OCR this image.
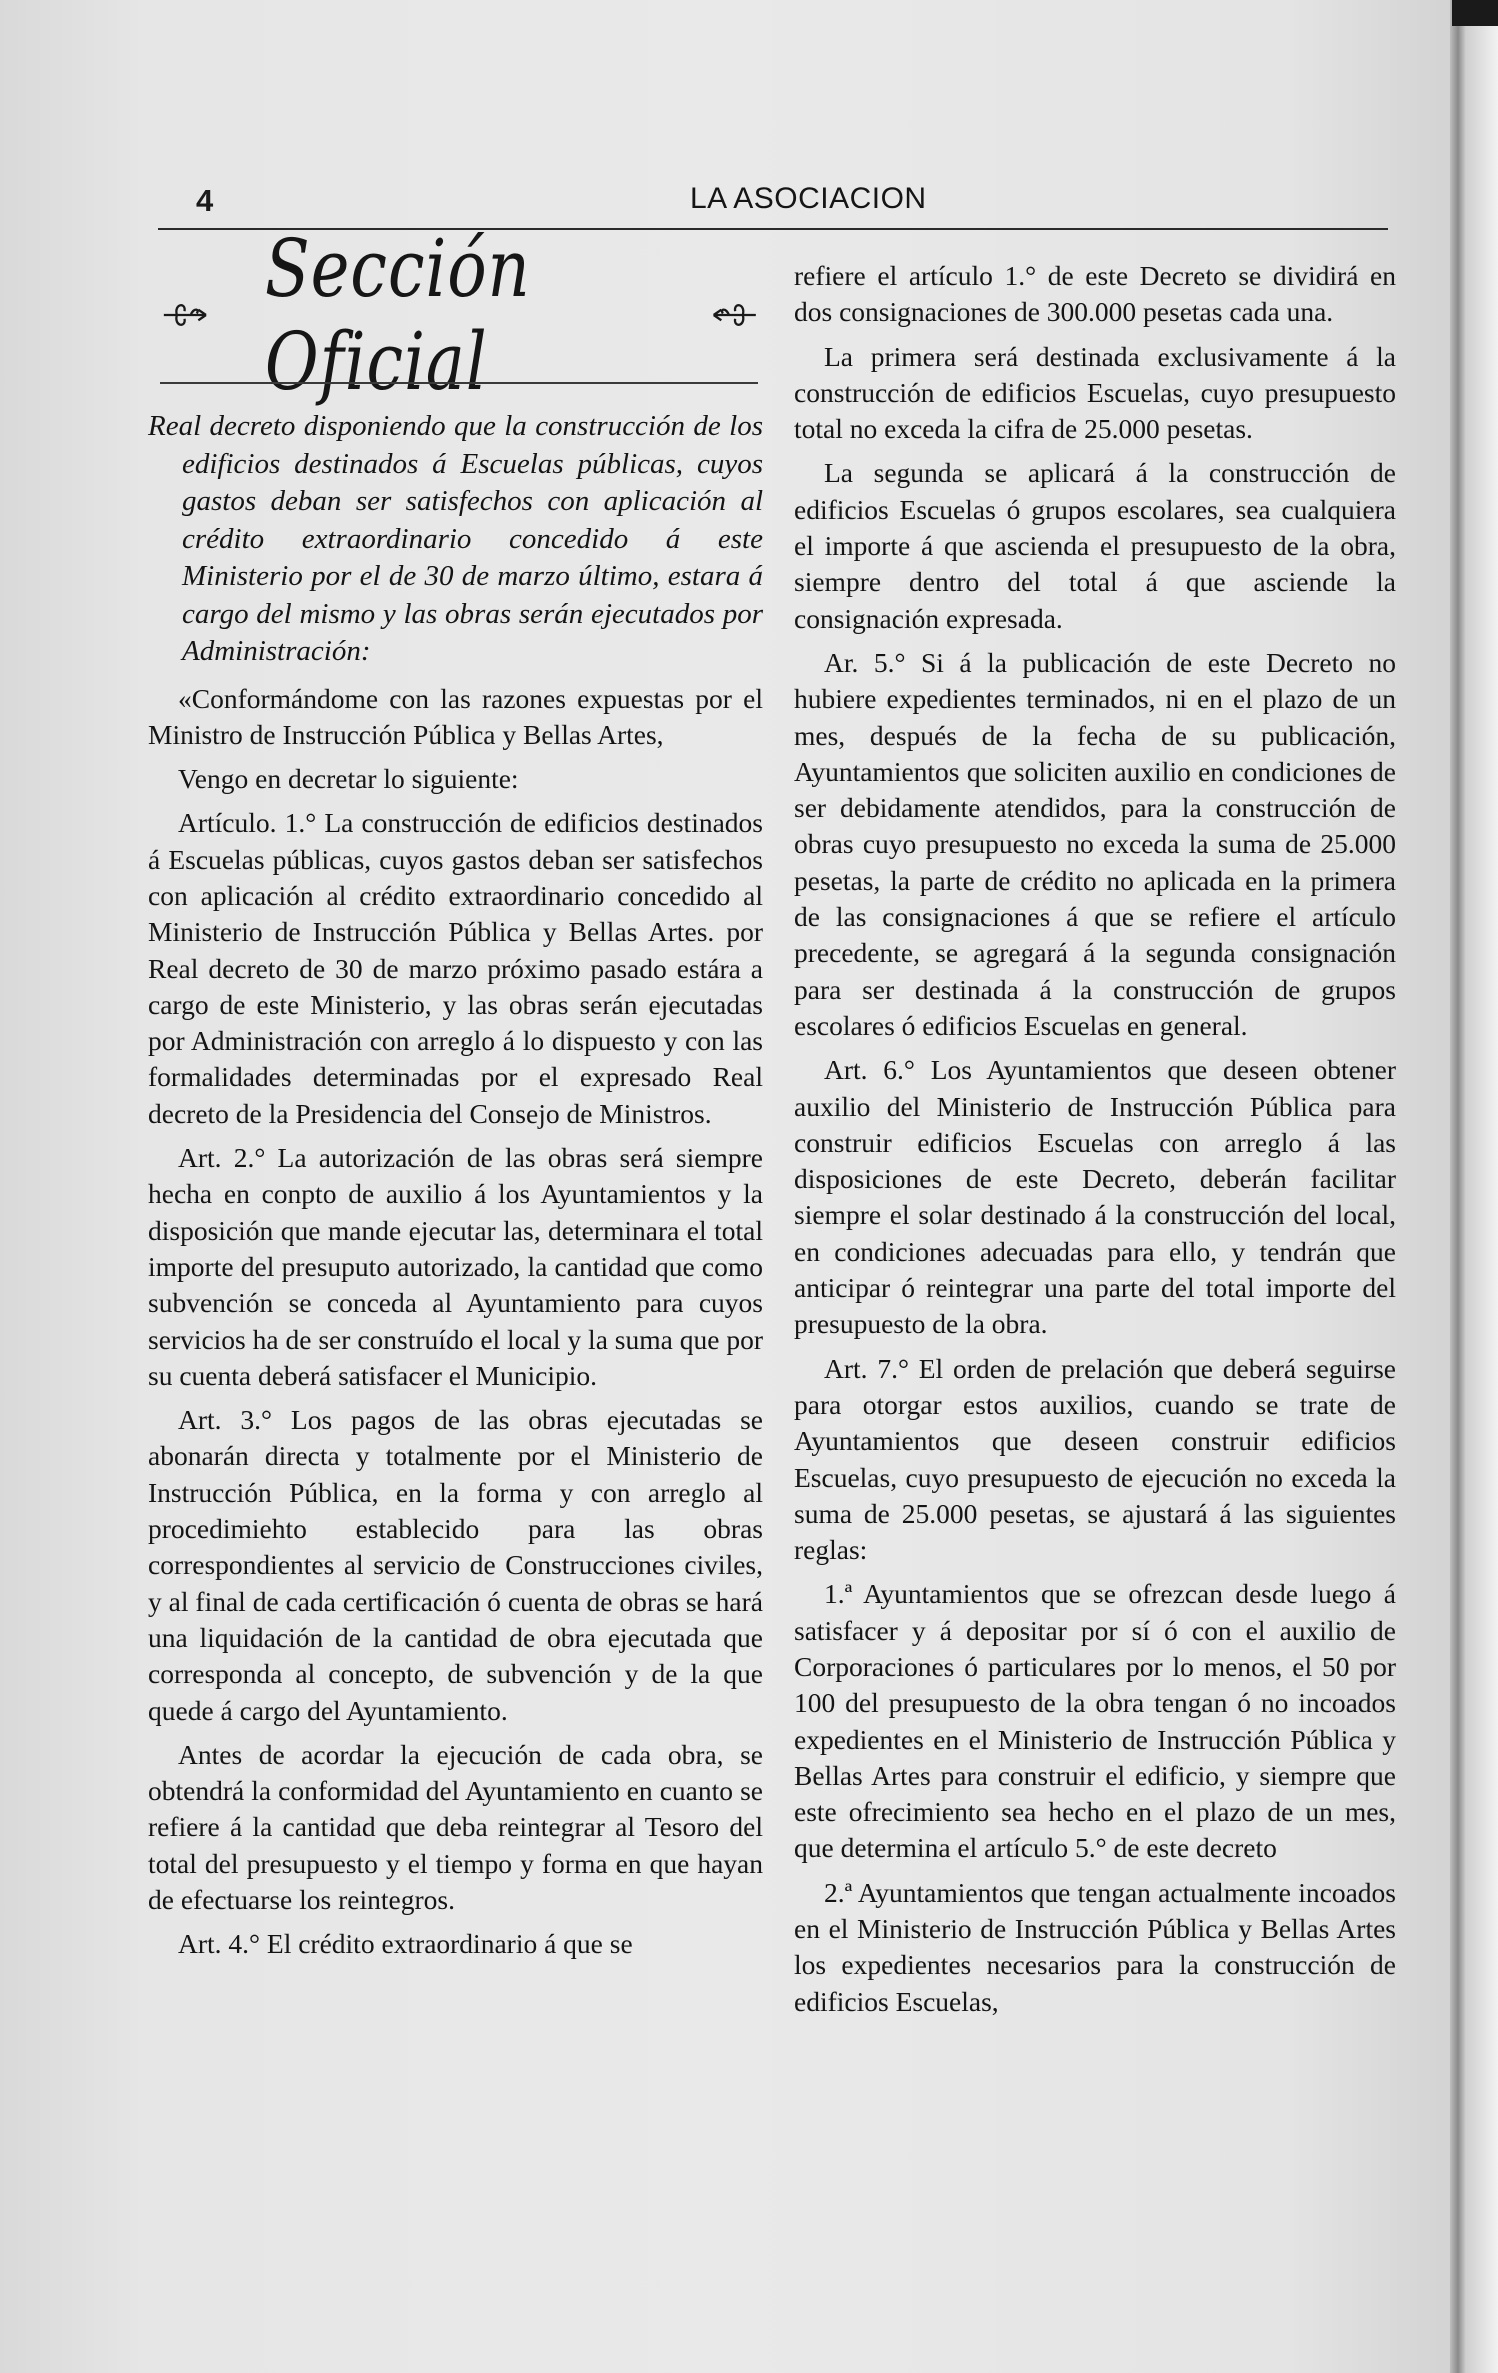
4	LA ASOCIACION
Sección Oficial

Real decreto disponiendo que la construcción de los edificios destinados á Escuelas públicas, cuyos gastos deban ser satisfechos con aplicación al crédito extraordinario concedido á este Ministerio por el de 30 de marzo último, estara á cargo del mismo y las obras serán ejecutados por Administración:

«Conformándome con las razones expuestas por el Ministro de Instrucción Pública y Bellas Artes,

Vengo en decretar lo siguiente:

Artículo. 1.° La construcción de edificios destinados á Escuelas públicas, cuyos gastos deban ser satisfechos con aplicación al crédito extraordinario concedido al Ministerio de Instrucción Pública y Bellas Artes. por Real decreto de 30 de marzo próximo pasado estára a cargo de este Ministerio, y las obras serán ejecutadas por Administración con arreglo á lo dispuesto y con las formalidades determinadas por el expresado Real decreto de la Presidencia del Consejo de Ministros.

Art. 2.° La autorización de las obras será siempre hecha en conpto de auxilio á los Ayuntamientos y la disposición que mande ejecutar las, determinara el total importe del presuputo autorizado, la cantidad que como subvención se conceda al Ayuntamiento para cuyos servicios ha de ser construído el local y la suma que por su cuenta deberá satisfacer el Municipio.

Art. 3.° Los pagos de las obras ejecutadas se abonarán directa y totalmente por el Ministerio de Instrucción Pública, en la forma y con arreglo al procedimiehto establecido para las obras correspondientes al servicio de Construcciones civiles, y al final de cada certificación ó cuenta de obras se hará una liquidación de la cantidad de obra ejecutada que corresponda al concepto, de subvención y de la que quede á cargo del Ayuntamiento.

Antes de acordar la ejecución de cada obra, se obtendrá la conformidad del Ayuntamiento en cuanto se refiere á la cantidad que deba reintegrar al Tesoro del total del presupuesto y el tiempo y forma en que hayan de efectuarse los reintegros.

Art. 4.° El crédito extraordinario á que se

refiere el artículo 1.° de este Decreto se dividirá en dos consignaciones de 300.000 pesetas cada una.

La primera será destinada exclusivamente á la construcción de edificios Escuelas, cuyo presupuesto total no exceda la cifra de 25.000 pesetas.

La segunda se aplicará á la construcción de edificios Escuelas ó grupos escolares, sea cualquiera el importe á que ascienda el presupuesto de la obra, siempre dentro del total á que asciende la consignación expresada.

Ar. 5.° Si á la publicación de este Decreto no hubiere expedientes terminados, ni en el plazo de un mes, después de la fecha de su publicación, Ayuntamientos que soliciten auxilio en condiciones de ser debidamente atendidos, para la construcción de obras cuyo presupuesto no exceda la suma de 25.000 pesetas, la parte de crédito no aplicada en la primera de las consignaciones á que se refiere el artículo precedente, se agregará á la segunda consignación para ser destinada á la construcción de grupos escolares ó edificios Escuelas en general.

Art. 6.° Los Ayuntamientos que deseen obtener auxilio del Ministerio de Instrucción Pública para construir edificios Escuelas con arreglo á las disposiciones de este Decreto, deberán facilitar siempre el solar destinado á la construcción del local, en condiciones adecuadas para ello, y tendrán que anticipar ó reintegrar una parte del total importe del presupuesto de la obra.

Art. 7.° El orden de prelación que deberá seguirse para otorgar estos auxilios, cuando se trate de Ayuntamientos que deseen construir edificios Escuelas, cuyo presupuesto de ejecución no exceda la suma de 25.000 pesetas, se ajustará á las siguientes reglas:

1.ª Ayuntamientos que se ofrezcan desde luego á satisfacer y á depositar por sí ó con el auxilio de Corporaciones ó particulares por lo menos, el 50 por 100 del presupuesto de la obra tengan ó no incoados expedientes en el Ministerio de Instrucción Pública y Bellas Artes para construir el edificio, y siempre que este ofrecimiento sea hecho en el plazo de un mes, que determina el artículo 5.° de este decreto

2.ª Ayuntamientos que tengan actualmente incoados en el Ministerio de Instrucción Pública y Bellas Artes los expedientes necesarios para la construcción de edificios Escuelas,
